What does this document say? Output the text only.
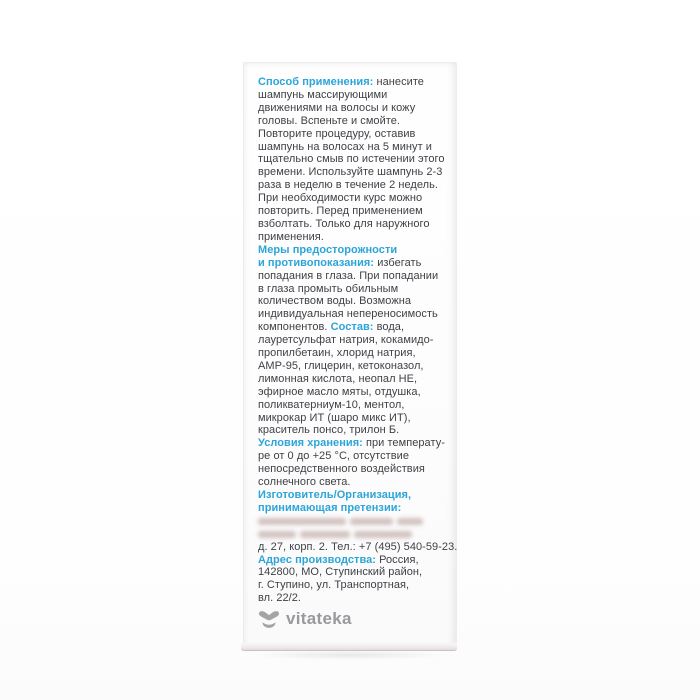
Способ применения: нанесите
шампунь массирующими
движениями на волосы и кожу
головы. Вспеньте и смойте.
Повторите процедуру, оставив
шампунь на волосах на 5 минут и
тщательно смыв по истечении этого
времени. Используйте шампунь 2-3
раза в неделю в течение 2 недель.
При необходимости курс можно
повторить. Перед применением
взболтать. Только для наружного
применения.
Меры предосторожности
и противопоказания: избегать
попадания в глаза. При попадании
в глаза промыть обильным
количеством воды. Возможна
индивидуальная непереносимость
компонентов. Состав: вода,
лауретсульфат натрия, кокамидо-
пропилбетаин, хлорид натрия,
AMP-95, глицерин, кетоконазол,
лимонная кислота, неопал НЕ,
эфирное масло мяты, отдушка,
поликватерниум-10, ментол,
микрокар ИТ (шаро микс ИТ),
краситель понсо, трилон Б.
Условия хранения: при температу-
ре от 0 до +25 °C, отсутствие
непосредственного воздействия
солнечного света.
Изготовитель/Организация,
принимающая претензии:
д. 27, корп. 2. Тел.: +7 (495) 540-59-23.
Адрес производства: Россия,
142800, МО, Ступинский район,
г. Ступино, ул. Транспортная,
вл. 22/2.
vitateka
